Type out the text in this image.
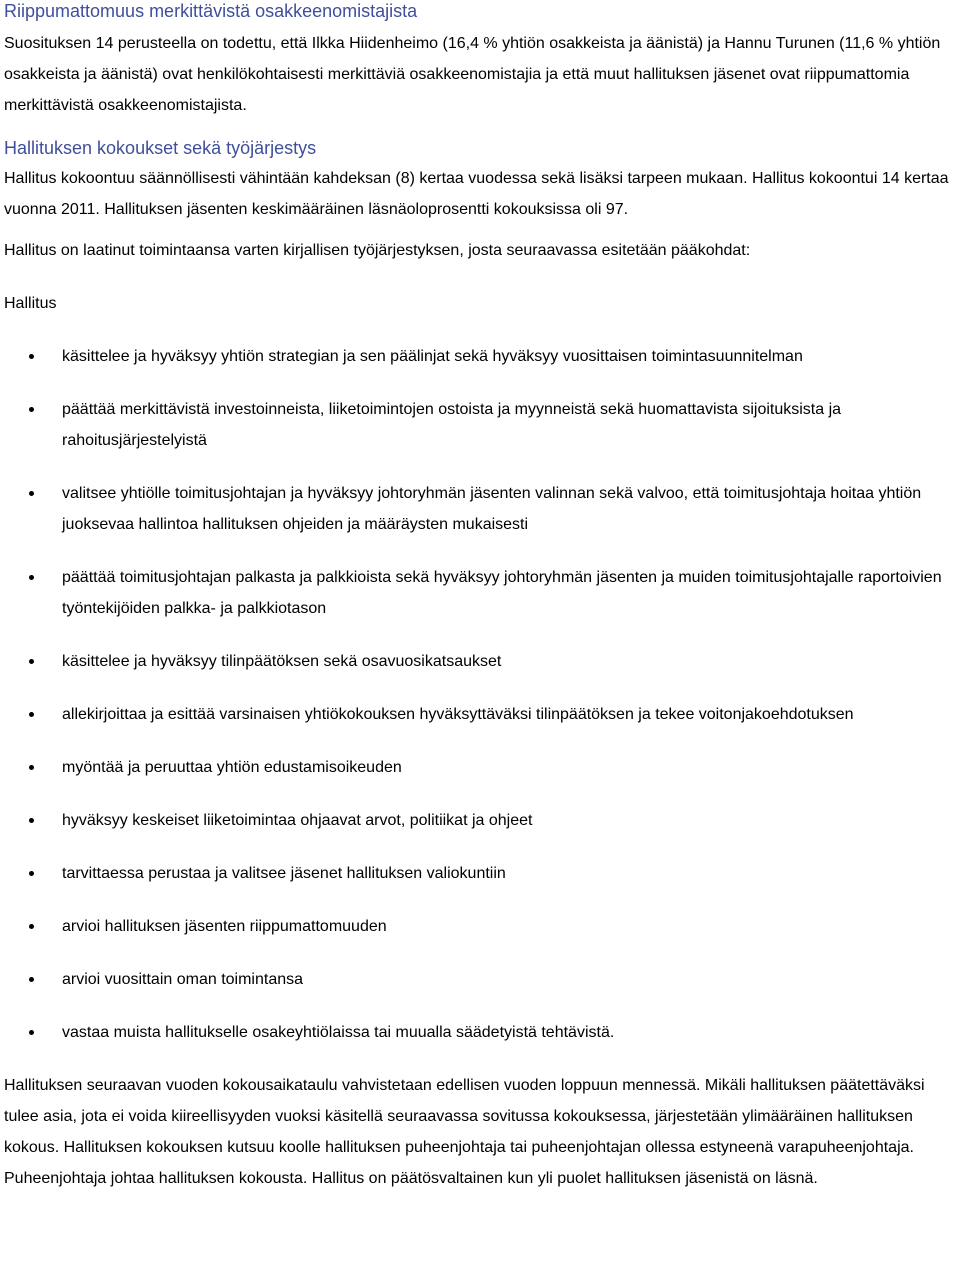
Riippumattomuus merkittävistä osakkeenomistajista

Suosituksen 14 perusteella on todettu, että Ilkka Hiidenheimo (16,4 % yhtiön osakkeista ja äänistä) ja Hannu Turunen (11,6 % yhtiön osakkeista ja äänistä) ovat henkilökohtaisesti merkittäviä osakkeenomistajia ja että muut hallituksen jäsenet ovat riippumattomia merkittävistä osakkeenomistajista.

Hallituksen kokoukset sekä työjärjestys

Hallitus kokoontuu säännöllisesti vähintään kahdeksan (8) kertaa vuodessa sekä lisäksi tarpeen mukaan. Hallitus kokoontui 14 kertaa vuonna 2011. Hallituksen jäsenten keskimääräinen läsnäoloprosentti kokouksissa oli 97.

Hallitus on laatinut toimintaansa varten kirjallisen työjärjestyksen, josta seuraavassa esitetään pääkohdat:

Hallitus

käsittelee ja hyväksyy yhtiön strategian ja sen päälinjat sekä hyväksyy vuosittaisen toimintasuunnitelman
päättää merkittävistä investoinneista, liiketoimintojen ostoista ja myynneistä sekä huomattavista sijoituksista ja rahoitusjärjestelyistä
valitsee yhtiölle toimitusjohtajan ja hyväksyy johtoryhmän jäsenten valinnan sekä valvoo, että toimitusjohtaja hoitaa yhtiön juoksevaa hallintoa hallituksen ohjeiden ja määräysten mukaisesti
päättää toimitusjohtajan palkasta ja palkkioista sekä hyväksyy johtoryhmän jäsenten ja muiden toimitusjohtajalle raportoivien työntekijöiden palkka- ja palkkiotason
käsittelee ja hyväksyy tilinpäätöksen sekä osavuosikatsaukset
allekirjoittaa ja esittää varsinaisen yhtiökokouksen hyväksyttäväksi tilinpäätöksen ja tekee voitonjakoehdotuksen
myöntää ja peruuttaa yhtiön edustamisoikeuden
hyväksyy keskeiset liiketoimintaa ohjaavat arvot, politiikat ja ohjeet
tarvittaessa perustaa ja valitsee jäsenet hallituksen valiokuntiin
arvioi hallituksen jäsenten riippumattomuuden
arvioi vuosittain oman toimintansa
vastaa muista hallitukselle osakeyhtiölaissa tai muualla säädetyistä tehtävistä.

Hallituksen seuraavan vuoden kokousaikataulu vahvistetaan edellisen vuoden loppuun mennessä. Mikäli hallituksen päätettäväksi tulee asia, jota ei voida kiireellisyyden vuoksi käsitellä seuraavassa sovitussa kokouksessa, järjestetään ylimääräinen hallituksen kokous. Hallituksen kokouksen kutsuu koolle hallituksen puheenjohtaja tai puheenjohtajan ollessa estyneenä varapuheenjohtaja. Puheenjohtaja johtaa hallituksen kokousta. Hallitus on päätösvaltainen kun yli puolet hallituksen jäsenistä on läsnä.
